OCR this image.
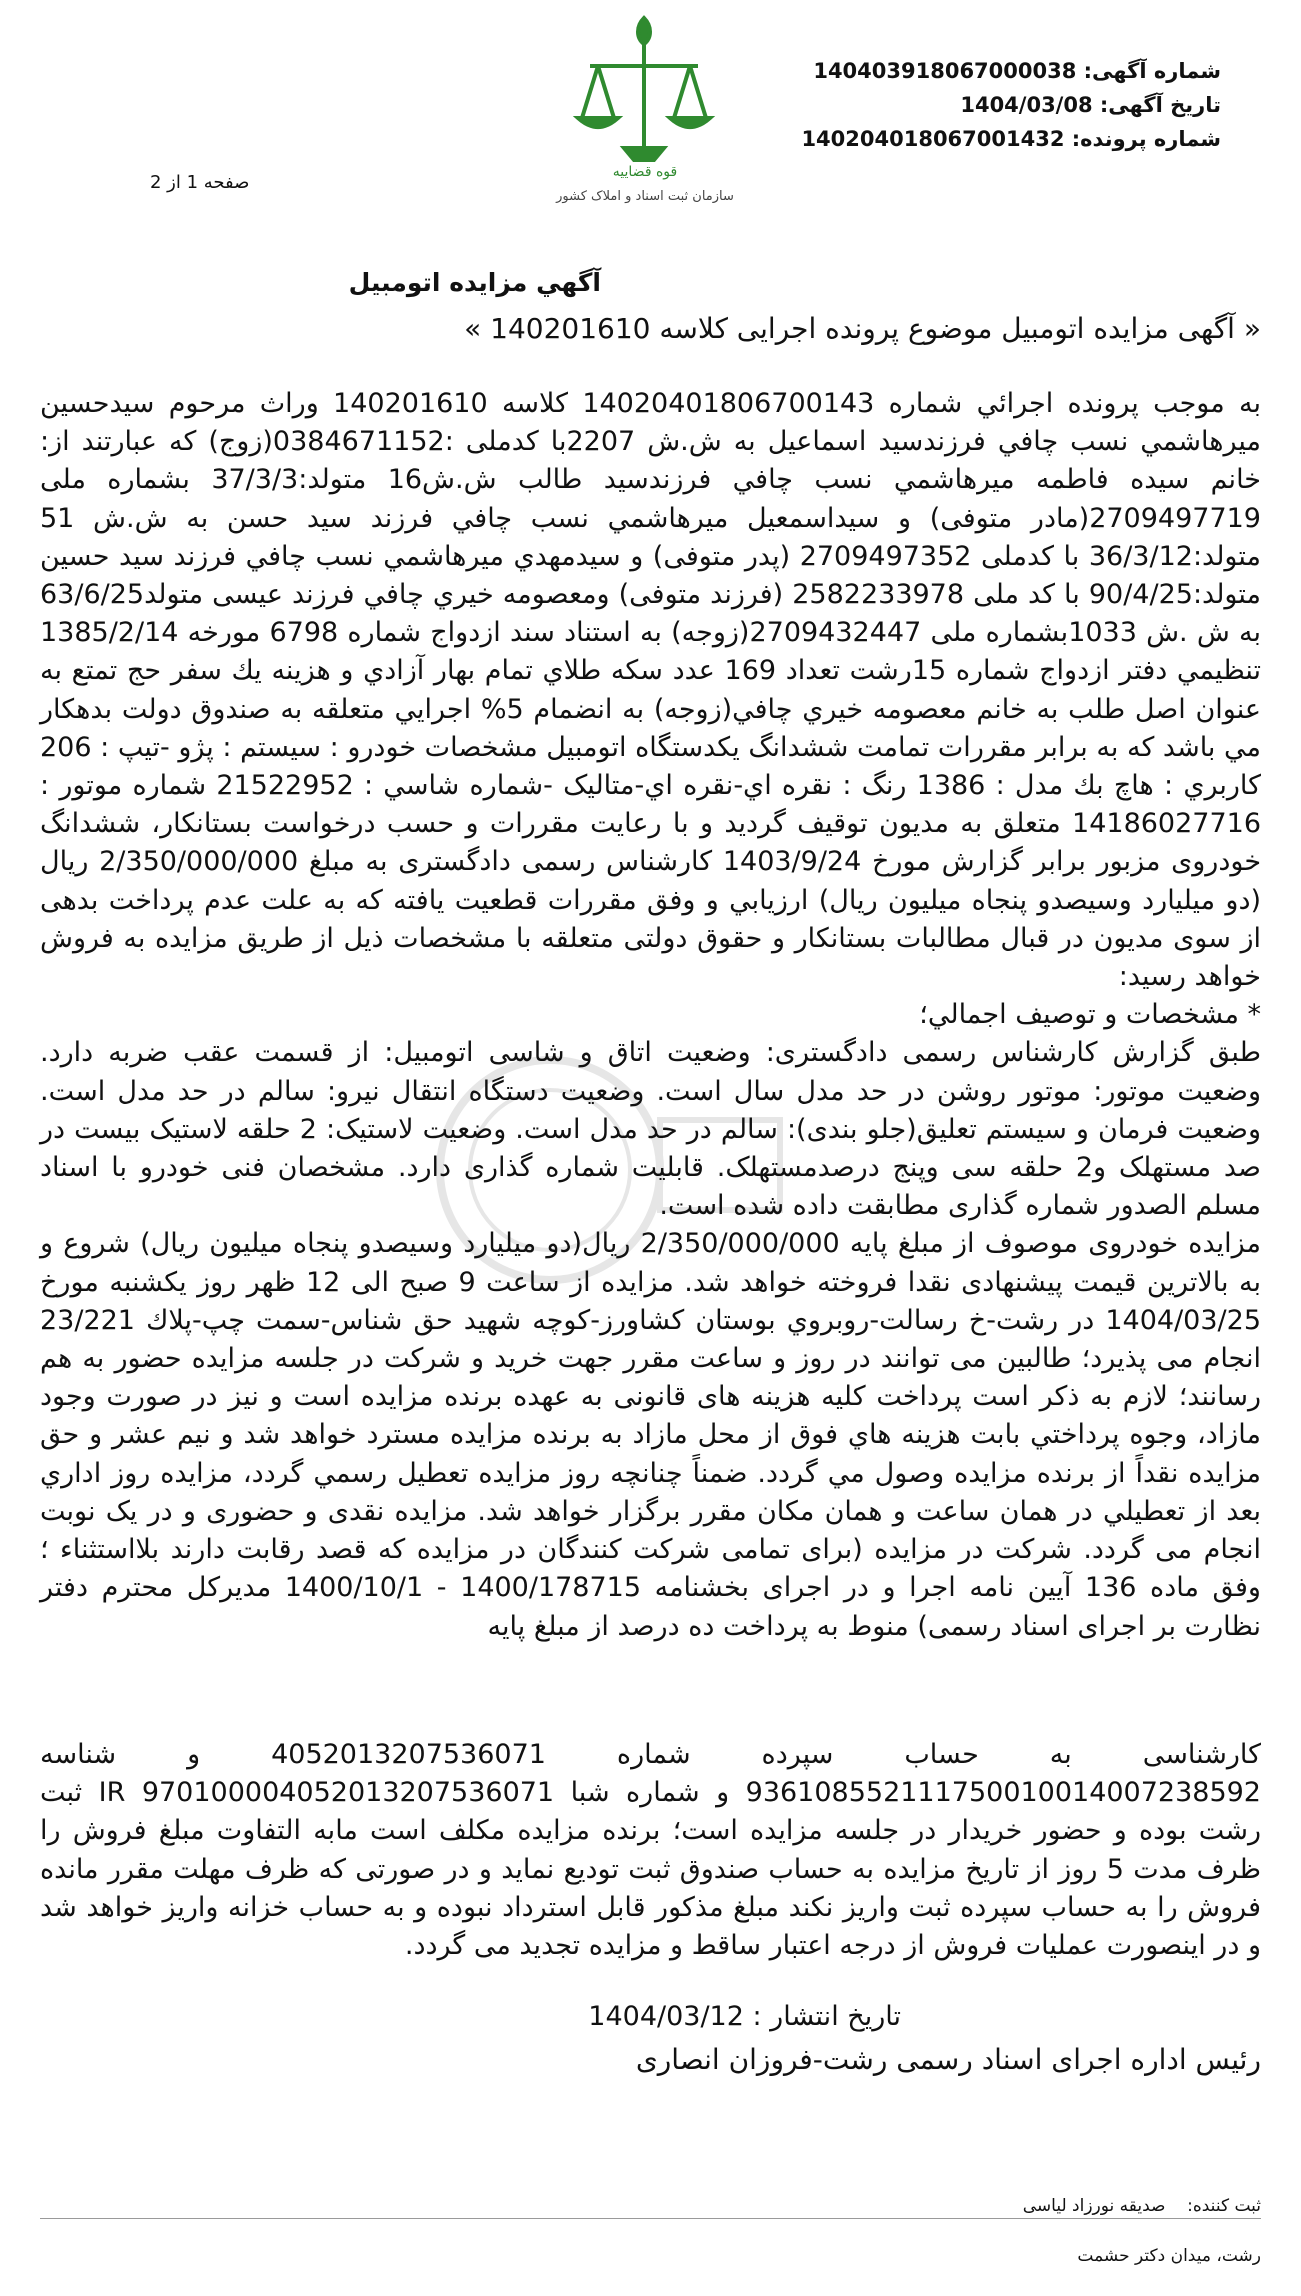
قوه قضاییه
سازمان ثبت اسناد و املاک کشور
صفحه 1 از 2
شماره آگهی: 140403918067000038
تاریخ آگهی: 1404/03/08
شماره پرونده: 140204018067001432
آگهي مزايده اتومبيل
« آگهی مزایده اتومبیل موضوع پرونده اجرایی کلاسه 140201610 »

به موجب پرونده اجرائي شماره 14020401806700143 کلاسه 140201610 وراث مرحوم سيدحسين ميرهاشمي نسب چافي فرزندسيد اسماعيل به ش.ش 2207با کدملی :0384671152(زوج) که عبارتند از: خانم سيده فاطمه ميرهاشمي نسب چافي فرزندسيد طالب ش.ش16 متولد:37/3/3 بشماره ملی 2709497719(مادر متوفی) و سيداسمعيل ميرهاشمي نسب چافي فرزند سيد حسن به ش.ش 51 متولد:36/3/12 با کدملی 2709497352 (پدر متوفی) و سيدمهدي ميرهاشمي نسب چافي فرزند سيد حسين متولد:90/4/25 با کد ملی 2582233978 (فرزند متوفی) ومعصومه خيري چافي فرزند عيسی متولد63/6/25 به ش .ش 1033بشماره ملی 2709432447(زوجه) به استناد سند ازدواج شماره 6798 مورخه 1385/2/14 تنظيمي دفتر ازدواج شماره 15رشت تعداد 169 عدد سکه طلاي تمام بهار آزادي و هزينه يك سفر حج تمتع به عنوان اصل طلب به خانم معصومه خيري چافي(زوجه) به انضمام 5% اجرايي متعلقه به صندوق دولت بدهکار مي باشد که به برابر مقررات تمامت ششدانگ يکدستگاه اتومبيل مشخصات خودرو : سيستم : پژو -تيپ : 206 کاربري : هاچ بك مدل : 1386 رنگ : نقره اي-نقره اي-متاليک -شماره شاسي : 21522952 شماره موتور : 14186027716 متعلق به مديون توقيف گرديد و با رعايت مقررات و حسب درخواست بستانکار، ششدانگ خودروی مزبور برابر گزارش مورخ 1403/9/24 کارشناس رسمی دادگستری به مبلغ 2/350/000/000 ريال (دو ميليارد وسيصدو پنجاه ميليون ريال) ارزيابي و وفق مقررات قطعيت يافته که به علت عدم پرداخت بدهی از سوی مديون در قبال مطالبات بستانکار و حقوق دولتی متعلقه با مشخصات ذيل از طريق مزايده به فروش خواهد رسيد:

* مشخصات و توصيف اجمالي؛

طبق گزارش کارشناس رسمی دادگستری: وضعيت اتاق و شاسی اتومبيل: از قسمت عقب ضربه دارد. وضعيت موتور: موتور روشن در حد مدل سال است. وضعيت دستگاه انتقال نيرو: سالم در حد مدل است. وضعيت فرمان و سيستم تعليق(جلو بندی): سالم در حد مدل است. وضعيت لاستيک: 2 حلقه لاستيک بيست در صد مستهلک و2 حلقه سی وپنج درصدمستهلک. قابليت شماره گذاری دارد. مشخصان فنی خودرو با اسناد مسلم الصدور شماره گذاری مطابقت داده شده است.

مزايده خودروی موصوف از مبلغ پايه 2/350/000/000 ريال(دو ميليارد وسيصدو پنجاه ميليون ريال) شروع و به بالاترين قيمت پيشنهادی نقدا فروخته خواهد شد. مزايده از ساعت 9 صبح الی 12 ظهر روز يکشنبه مورخ 1404/03/25 در رشت-خ رسالت-روبروي بوستان کشاورز-کوچه شهيد حق شناس-سمت چپ-پلاك 23/221 انجام می پذيرد؛ طالبين می توانند در روز و ساعت مقرر جهت خريد و شرکت در جلسه مزايده حضور به هم رسانند؛ لازم به ذکر است پرداخت کليه هزينه های قانونی به عهده برنده مزايده است و نيز در صورت وجود مازاد، وجوه پرداختي بابت هزينه هاي فوق از محل مازاد به برنده مزايده مسترد خواهد شد و نيم عشر و حق مزايده نقداً از برنده مزايده وصول مي گردد. ضمناً چنانچه روز مزايده تعطيل رسمي گردد، مزايده روز اداري بعد از تعطيلي در همان ساعت و همان مکان مقرر برگزار خواهد شد. مزايده نقدی و حضوری و در يک نوبت انجام می گردد. شرکت در مزايده (برای تمامی شرکت کنندگان در مزايده که قصد رقابت دارند بلااستثناء ؛ وفق ماده 136 آيين نامه اجرا و در اجرای بخشنامه 1400/178715 - 1400/10/1 مديرکل محترم دفتر نظارت بر اجرای اسناد رسمی) منوط به پرداخت ده درصد از مبلغ پايه

کارشناسی به حساب سپرده شماره 4052013207536071 و شناسه 936108552111750010014007238592 و شماره شبا IR 970100004052013207536071 ثبت رشت بوده و حضور خريدار در جلسه مزايده است؛ برنده مزايده مکلف است مابه التفاوت مبلغ فروش را ظرف مدت 5 روز از تاريخ مزايده به حساب صندوق ثبت توديع نمايد و در صورتی که ظرف مهلت مقرر مانده فروش را به حساب سپرده ثبت واريز نکند مبلغ مذکور قابل استرداد نبوده و به حساب خزانه واريز خواهد شد و در اينصورت عمليات فروش از درجه اعتبار ساقط و مزايده تجديد می گردد.
تاریخ انتشار : 1404/03/12
رئیس اداره اجرای اسناد رسمی رشت-فروزان انصاری
ثبت کننده:    صدیقه نورزاد لیاسی
رشت، میدان دکتر حشمت
